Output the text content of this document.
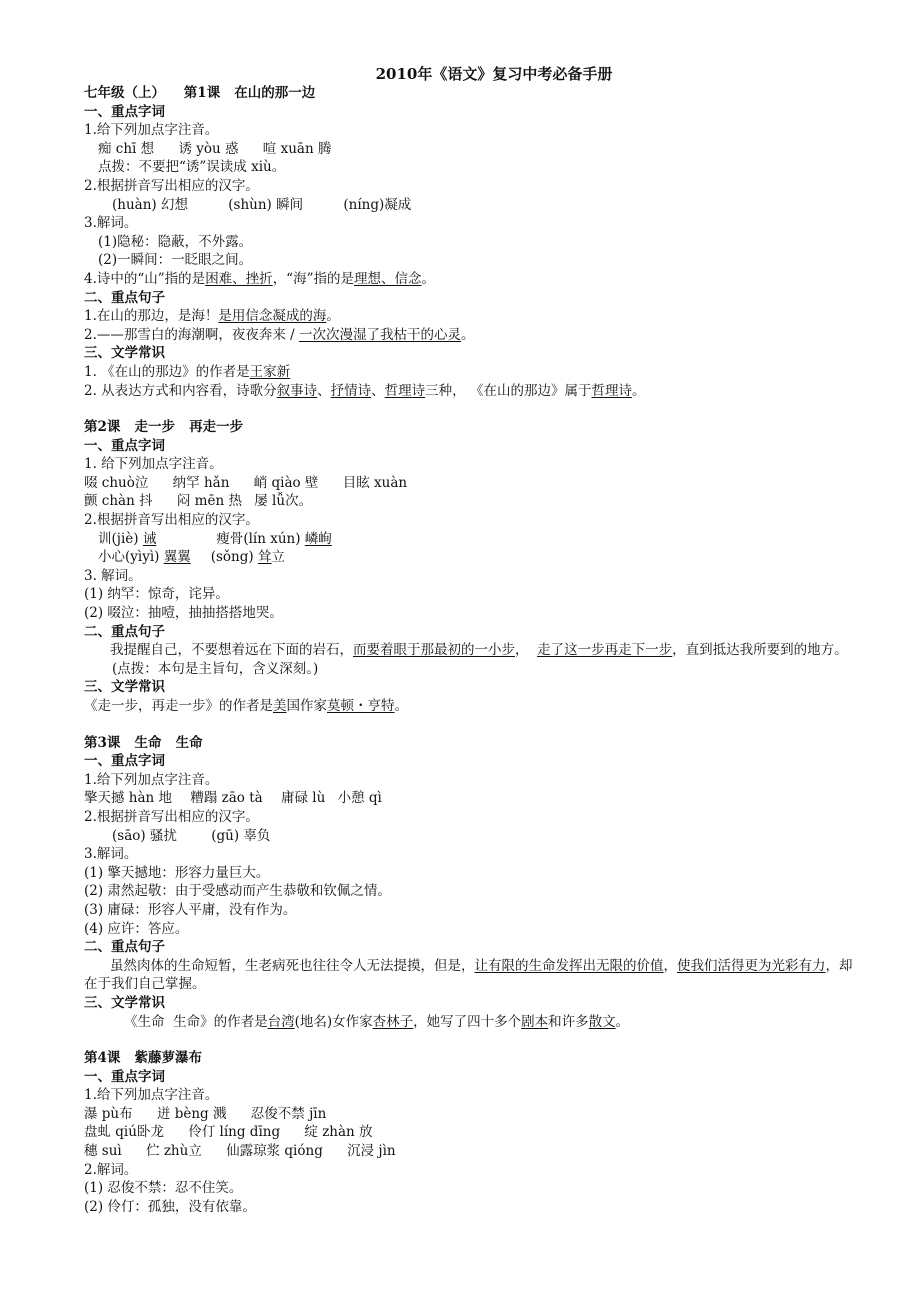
2010年《语文》复习中考必备手册
七年级（上）    第1课   在山的那一边
一、重点字词
1.给下列加点字注音。
痴 chī 想 诱 yòu 惑 喧 xuān 腾
点拨：不要把“诱”误读成 xiù。
2.根据拼音写出相应的汉字。
(huàn) 幻想	(shùn) 瞬间	(níng)凝成
3.解词。
(1)隐秘：隐蔽，不外露。
(2)一瞬间：一眨眼之间。
4.诗中的“山”指的是困难、挫折，“海”指的是理想、信念。
二、重点句子
1.在山的那边，是海！是用信念凝成的海。
2.——那雪白的海潮啊，夜夜奔来 / 一次次漫湿了我枯干的心灵。
三、文学常识
1. 《在山的那边》的作者是王家新
2. 从表达方式和内容看，诗歌分叙事诗、抒情诗、哲理诗三种， 《在山的那边》属于哲理诗。
第2课   走一步   再走一步
一、重点字词
1. 给下列加点字注音。
啜 chuò泣 纳罕 hǎn 峭 qiào 壁 目眩 xuàn
颤 chàn 抖 闷 mēn 热 屡 lǚ次。
2.根据拼音写出相应的汉字。
训(jiè) 诫	瘦骨(lín xún) 嶙峋
小心(yìyì) 翼翼 (sǒng) 耸立
3. 解词。
(1) 纳罕：惊奇，诧异。
(2) 啜泣：抽噎，抽抽搭搭地哭。
二、重点句子
我提醒自己，不要想着远在下面的岩石，而要着眼于那最初的一小步，  走了这一步再走下一步，直到抵达我所要到的地方。
(点拨：本句是主旨句，含义深刻。)
三、文学常识
《走一步，再走一步》的作者是美国作家莫顿・亨特。
第3课   生命   生命
一、重点字词
1.给下列加点字注音。
擎天撼 hàn 地 糟蹋 zāo tà 庸碌 lù 小憩 qì
2.根据拼音写出相应的汉字。
(sāo) 骚扰	(gū) 辜负
3.解词。
(1) 擎天撼地：形容力量巨大。
(2) 肃然起敬：由于受感动而产生恭敬和钦佩之情。
(3) 庸碌：形容人平庸，没有作为。
(4) 应许：答应。
二、重点句子
虽然肉体的生命短暂，生老病死也往往令人无法提摸，但是，让有限的生命发挥出无限的价值，使我们活得更为光彩有力，却在于我们自己掌握。
三、文学常识
《生命  生命》的作者是台湾(地名)女作家杏林子，她写了四十多个剧本和许多散文。
第4课   紫藤萝瀑布
一、重点字词
1.给下列加点字注音。
瀑 pù布 迸 bèng 溅 忍俊不禁 jīn
盘虬 qiú卧龙 伶仃 líng dīng 绽 zhàn 放
穗 suì 伫 zhù立 仙露琼浆 qióng 沉浸 jìn
2.解词。
(1) 忍俊不禁：忍不住笑。
(2) 伶仃：孤独，没有依靠。
